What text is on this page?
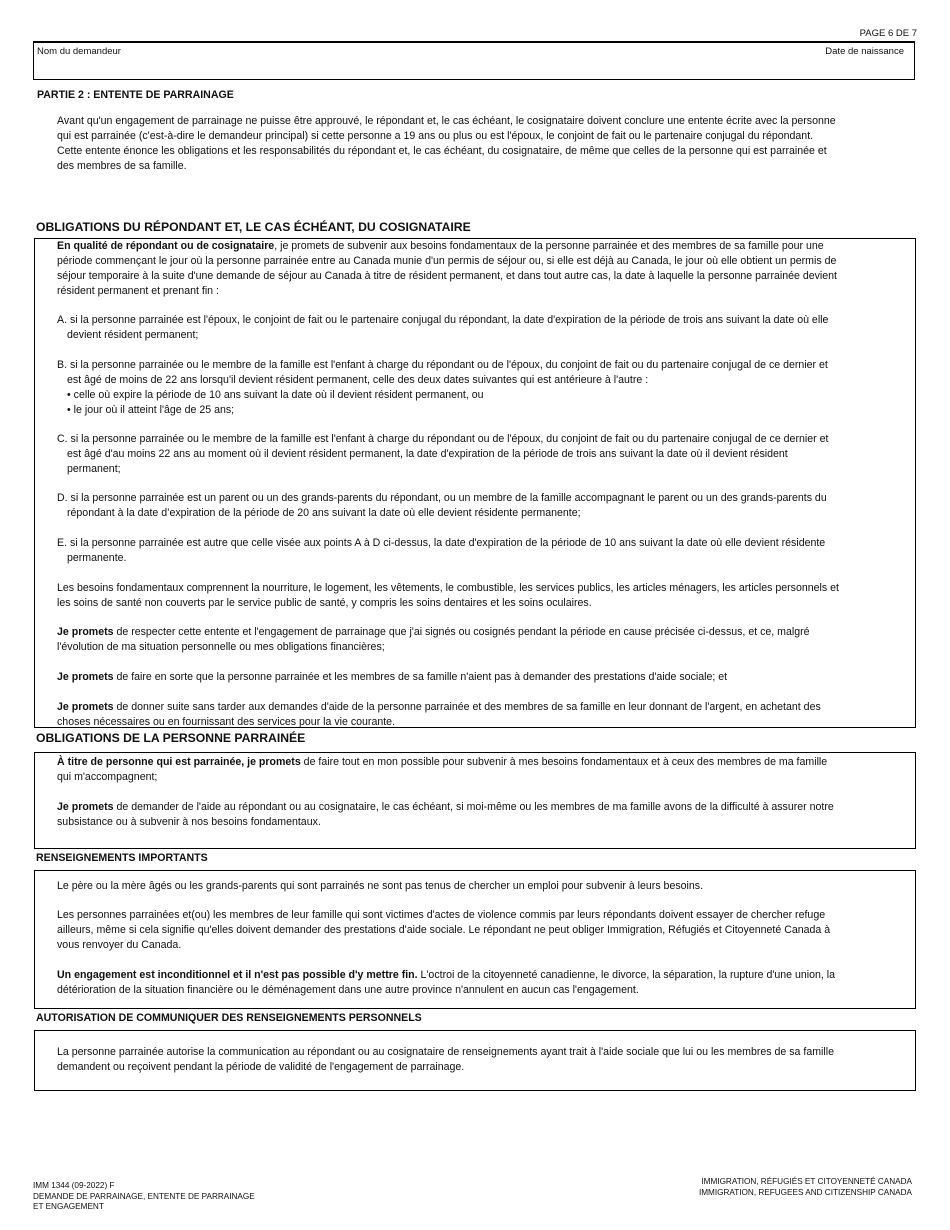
PAGE 6 DE 7
Nom du demandeur	Date de naissance
PARTIE 2 : ENTENTE DE PARRAINAGE

Avant qu'un engagement de parrainage ne puisse être approuvé, le répondant et, le cas échéant, le cosignataire doivent conclure une entente écrite avec la personne

qui est parrainée (c'est-à-dire le demandeur principal) si cette personne a 19 ans ou plus ou est l'époux, le conjoint de fait ou le partenaire conjugal du répondant.

Cette entente énonce les obligations et les responsabilités du répondant et, le cas échéant, du cosignataire, de même que celles de la personne qui est parrainée et

des membres de sa famille.

OBLIGATIONS DU RÉPONDANT ET, LE CAS ÉCHÉANT, DU COSIGNATAIRE

En qualité de répondant ou de cosignataire, je promets de subvenir aux besoins fondamentaux de la personne parrainée et des membres de sa famille pour une

période commençant le jour où la personne parrainée entre au Canada munie d'un permis de séjour ou, si elle est déjà au Canada, le jour où elle obtient un permis de

séjour temporaire à la suite d'une demande de séjour au Canada à titre de résident permanent, et dans tout autre cas, la date à laquelle la personne parrainée devient

résident permanent et prenant fin :

A. si la personne parrainée est l'époux, le conjoint de fait ou le partenaire conjugal du répondant, la date d'expiration de la période de trois ans suivant la date où elle

devient résident permanent;

B. si la personne parrainée ou le membre de la famille est l'enfant à charge du répondant ou de l'époux, du conjoint de fait ou du partenaire conjugal de ce dernier et

est âgé de moins de 22 ans lorsqu'il devient résident permanent, celle des deux dates suivantes qui est antérieure à l'autre :

• celle où expire la période de 10 ans suivant la date où il devient résident permanent, ou

• le jour où il atteint l'âge de 25 ans;

C. si la personne parrainée ou le membre de la famille est l'enfant à charge du répondant ou de l'époux, du conjoint de fait ou du partenaire conjugal de ce dernier et

est âgé d'au moins 22 ans au moment où il devient résident permanent, la date d'expiration de la période de trois ans suivant la date où il devient résident

permanent;

D. si la personne parrainée est un parent ou un des grands-parents du répondant, ou un membre de la famille accompagnant le parent ou un des grands-parents du

répondant à la date d’expiration de la période de 20 ans suivant la date où elle devient résidente permanente;

E. si la personne parrainée est autre que celle visée aux points A à D ci-dessus, la date d'expiration de la période de 10 ans suivant la date où elle devient résidente

permanente.

Les besoins fondamentaux comprennent la nourriture, le logement, les vêtements, le combustible, les services publics, les articles ménagers, les articles personnels et

les soins de santé non couverts par le service public de santé, y compris les soins dentaires et les soins oculaires.

Je promets de respecter cette entente et l'engagement de parrainage que j'ai signés ou cosignés pendant la période en cause précisée ci-dessus, et ce, malgré

l'évolution de ma situation personnelle ou mes obligations financières;

Je promets de faire en sorte que la personne parrainée et les membres de sa famille n'aient pas à demander des prestations d'aide sociale; et

Je promets de donner suite sans tarder aux demandes d'aide de la personne parrainée et des membres de sa famille en leur donnant de l'argent, en achetant des

choses nécessaires ou en fournissant des services pour la vie courante.

OBLIGATIONS DE LA PERSONNE PARRAINÉE

À titre de personne qui est parrainée, je promets de faire tout en mon possible pour subvenir à mes besoins fondamentaux et à ceux des membres de ma famille

qui m'accompagnent;

Je promets de demander de l'aide au répondant ou au cosignataire, le cas échéant, si moi-même ou les membres de ma famille avons de la difficulté à assurer notre

subsistance ou à subvenir à nos besoins fondamentaux.

RENSEIGNEMENTS IMPORTANTS

Le père ou la mère âgés ou les grands-parents qui sont parrainés ne sont pas tenus de chercher un emploi pour subvenir à leurs besoins.

Les personnes parrainées et(ou) les membres de leur famille qui sont victimes d'actes de violence commis par leurs répondants doivent essayer de chercher refuge

ailleurs, même si cela signifie qu'elles doivent demander des prestations d'aide sociale. Le répondant ne peut obliger Immigration, Réfugiés et Citoyenneté Canada à

vous renvoyer du Canada.

Un engagement est inconditionnel et il n'est pas possible d'y mettre fin. L'octroi de la citoyenneté canadienne, le divorce, la séparation, la rupture d'une union, la

détérioration de la situation financière ou le déménagement dans une autre province n'annulent en aucun cas l'engagement.

AUTORISATION DE COMMUNIQUER DES RENSEIGNEMENTS PERSONNELS

La personne parrainée autorise la communication au répondant ou au cosignataire de renseignements ayant trait à l'aide sociale que lui ou les membres de sa famille

demandent ou reçoivent pendant la période de validité de l'engagement de parrainage.

IMM 1344 (09-2022) F
DEMANDE DE PARRAINAGE, ENTENTE DE PARRAINAGE
ET ENGAGEMENT
IMMIGRATION, RÉFUGIÉS ET CITOYENNETÉ CANADA
IMMIGRATION, REFUGEES AND CITIZENSHIP CANADA
